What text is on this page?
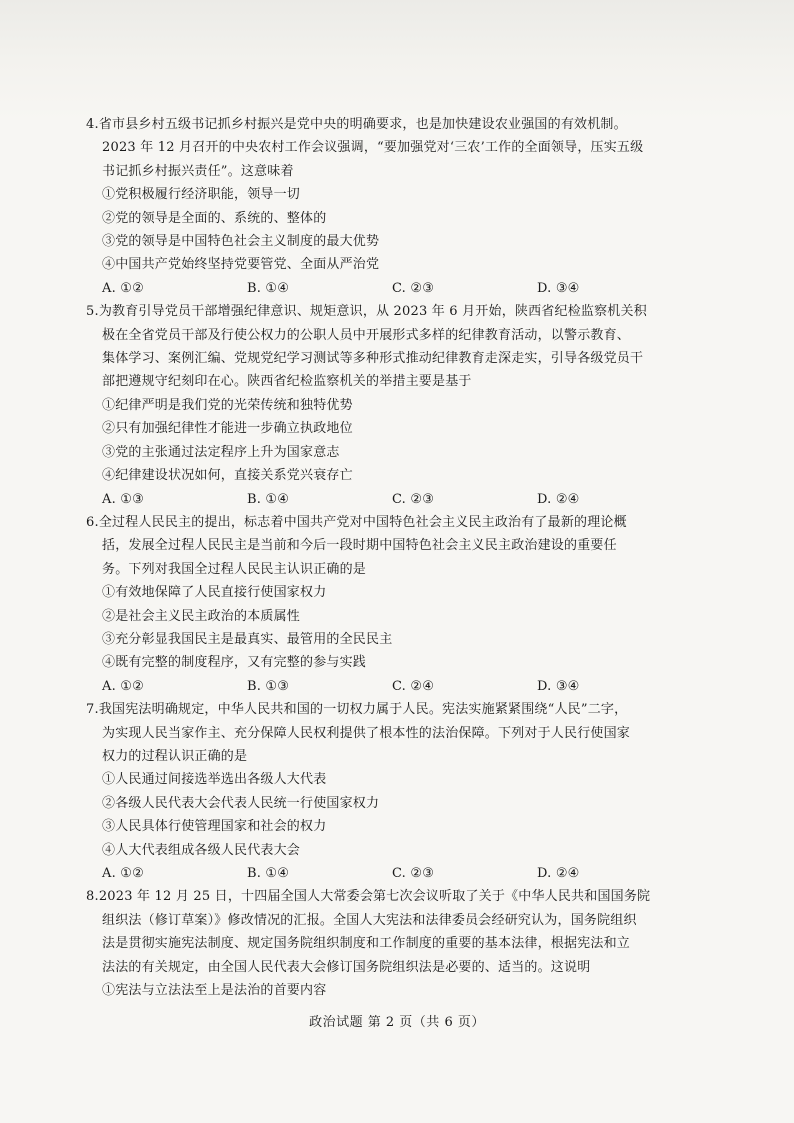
4.省市县乡村五级书记抓乡村振兴是党中央的明确要求，也是加快建设农业强国的有效机制。
2023 年 12 月召开的中央农村工作会议强调，“要加强党对‘三农’工作的全面领导，压实五级
书记抓乡村振兴责任”。这意味着
①党积极履行经济职能，领导一切
②党的领导是全面的、系统的、整体的
③党的领导是中国特色社会主义制度的最大优势
④中国共产党始终坚持党要管党、全面从严治党
A. ①②	B. ①④	C. ②③	D. ③④
5.为教育引导党员干部增强纪律意识、规矩意识，从 2023 年 6 月开始，陕西省纪检监察机关积
极在全省党员干部及行使公权力的公职人员中开展形式多样的纪律教育活动，以警示教育、
集体学习、案例汇编、党规党纪学习测试等多种形式推动纪律教育走深走实，引导各级党员干
部把遵规守纪刻印在心。陕西省纪检监察机关的举措主要是基于
①纪律严明是我们党的光荣传统和独特优势
②只有加强纪律性才能进一步确立执政地位
③党的主张通过法定程序上升为国家意志
④纪律建设状况如何，直接关系党兴衰存亡
A. ①③	B. ①④	C. ②③	D. ②④
6.全过程人民民主的提出，标志着中国共产党对中国特色社会主义民主政治有了最新的理论概
括，发展全过程人民民主是当前和今后一段时期中国特色社会主义民主政治建设的重要任
务。下列对我国全过程人民民主认识正确的是
①有效地保障了人民直接行使国家权力
②是社会主义民主政治的本质属性
③充分彰显我国民主是最真实、最管用的全民民主
④既有完整的制度程序，又有完整的参与实践
A. ①②	B. ①③	C. ②④	D. ③④
7.我国宪法明确规定，中华人民共和国的一切权力属于人民。宪法实施紧紧围绕“人民”二字，
为实现人民当家作主、充分保障人民权利提供了根本性的法治保障。下列对于人民行使国家
权力的过程认识正确的是
①人民通过间接选举选出各级人大代表
②各级人民代表大会代表人民统一行使国家权力
③人民具体行使管理国家和社会的权力
④人大代表组成各级人民代表大会
A. ①②	B. ①④	C. ②③	D. ②④
8.2023 年 12 月 25 日，十四届全国人大常委会第七次会议听取了关于《中华人民共和国国务院
组织法（修订草案）》修改情况的汇报。全国人大宪法和法律委员会经研究认为，国务院组织
法是贯彻实施宪法制度、规定国务院组织制度和工作制度的重要的基本法律，根据宪法和立
法法的有关规定，由全国人民代表大会修订国务院组织法是必要的、适当的。这说明
①宪法与立法法至上是法治的首要内容
政治试题 第 2 页（共 6 页）
